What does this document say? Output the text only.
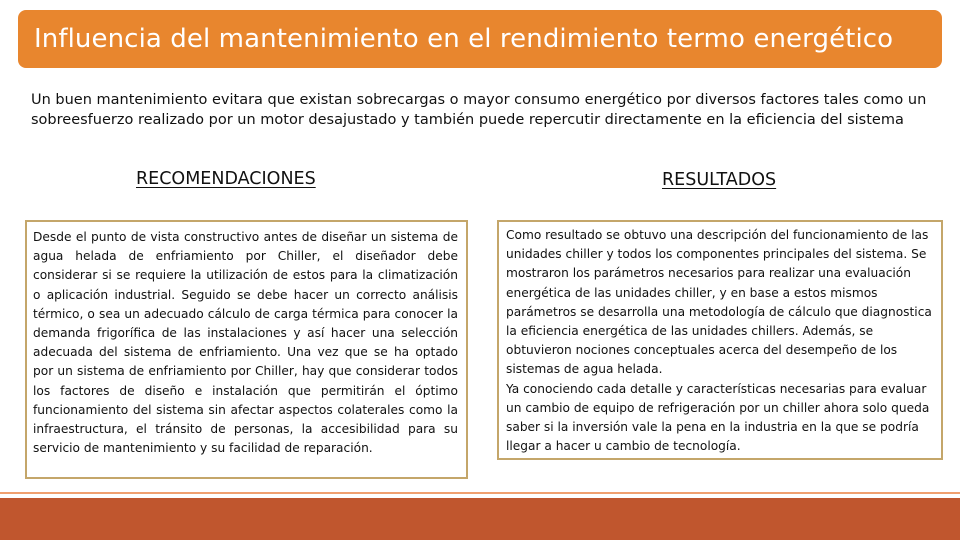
Influencia del mantenimiento en el rendimiento termo energético
Un buen mantenimiento evitara que existan sobrecargas o mayor consumo energético por diversos factores tales como un sobreesfuerzo realizado por un motor desajustado y también puede repercutir directamente en la eficiencia del sistema
RECOMENDACIONES	RESULTADOS
Desde el punto de vista constructivo antes de diseñar un sistema de agua helada de enfriamiento por Chiller, el diseñador debe considerar si se requiere la utilización de estos para la climatización o aplicación industrial. Seguido se debe hacer un correcto análisis térmico, o sea un adecuado cálculo de carga térmica para conocer la demanda frigorífica de las instalaciones y así hacer una selección adecuada del sistema de enfriamiento. Una vez que se ha optado por un sistema de enfriamiento por Chiller, hay que considerar todos los factores de diseño e instalación que permitirán el óptimo funcionamiento del sistema sin afectar aspectos colaterales como la infraestructura, el tránsito de personas, la accesibilidad para su servicio de mantenimiento y su facilidad de reparación.

Como resultado se obtuvo una descripción del funcionamiento de las unidades chiller y todos los componentes principales del sistema. Se mostraron los parámetros necesarios para realizar una evaluación energética de las unidades chiller, y en base a estos mismos parámetros se desarrolla una metodología de cálculo que diagnostica la eficiencia energética de las unidades chillers. Además, se obtuvieron nociones conceptuales acerca del desempeño de los sistemas de agua helada.

Ya conociendo cada detalle y características necesarias para evaluar un cambio de equipo de refrigeración por un chiller ahora solo queda saber si la inversión vale la pena en la industria en la que se podría llegar a hacer u cambio de tecnología.
